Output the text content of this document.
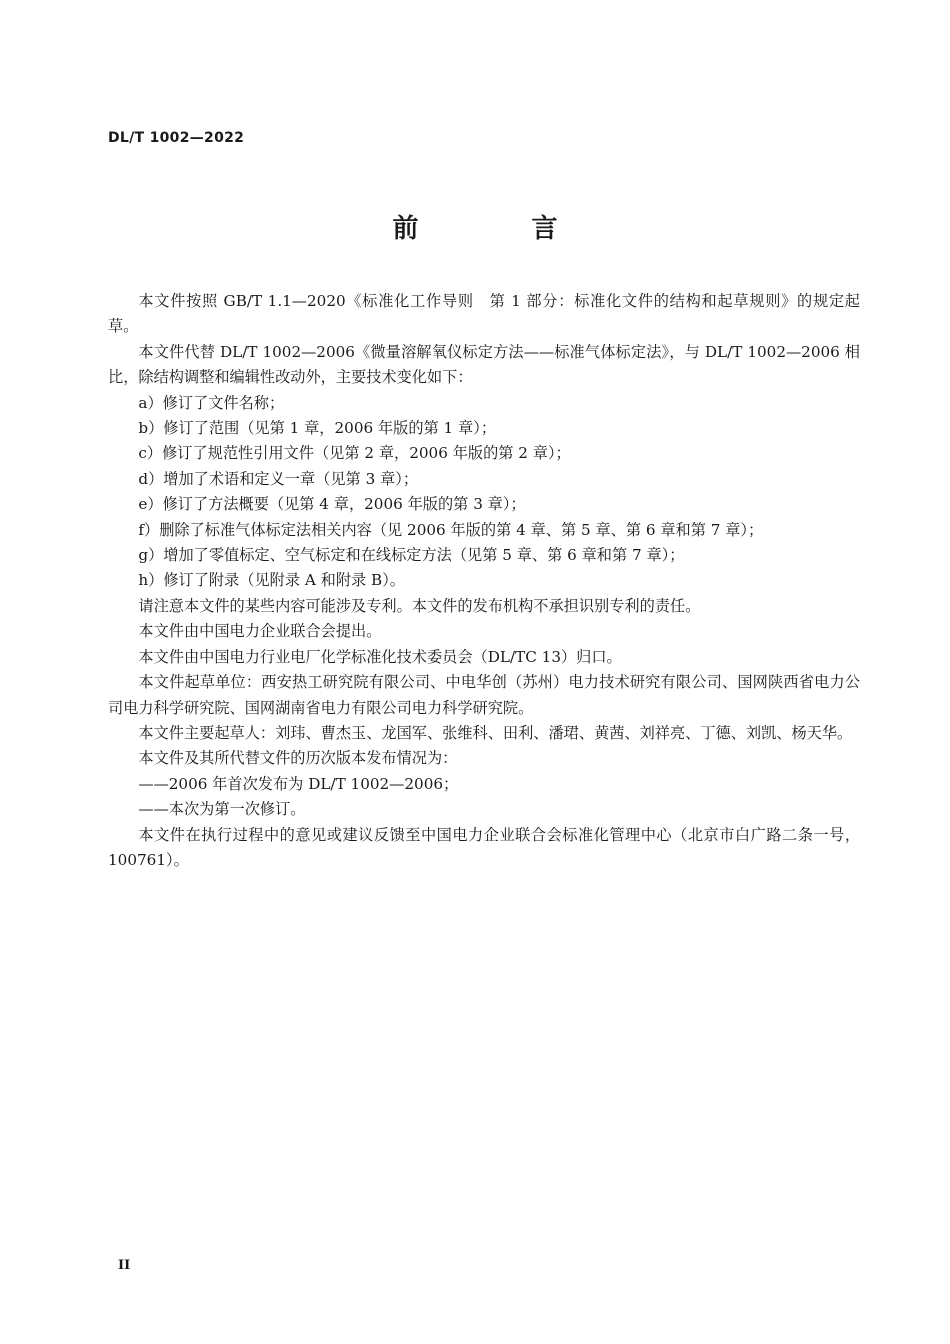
DL/T 1002—2022
前 言

本文件按照 GB/T 1.1—2020《标准化工作导则　第 1 部分：标准化文件的结构和起草规则》的规定起草。

本文件代替 DL/T 1002—2006《微量溶解氧仪标定方法——标准气体标定法》，与 DL/T 1002—2006 相比，除结构调整和编辑性改动外，主要技术变化如下：

a）修订了文件名称；

b）修订了范围（见第 1 章，2006 年版的第 1 章）；

c）修订了规范性引用文件（见第 2 章，2006 年版的第 2 章）；

d）增加了术语和定义一章（见第 3 章）；

e）修订了方法概要（见第 4 章，2006 年版的第 3 章）；

f）删除了标准气体标定法相关内容（见 2006 年版的第 4 章、第 5 章、第 6 章和第 7 章）；

g）增加了零值标定、空气标定和在线标定方法（见第 5 章、第 6 章和第 7 章）；

h）修订了附录（见附录 A 和附录 B）。

请注意本文件的某些内容可能涉及专利。本文件的发布机构不承担识别专利的责任。

本文件由中国电力企业联合会提出。

本文件由中国电力行业电厂化学标准化技术委员会（DL/TC 13）归口。

本文件起草单位：西安热工研究院有限公司、中电华创（苏州）电力技术研究有限公司、国网陕西省电力公司电力科学研究院、国网湖南省电力有限公司电力科学研究院。

本文件主要起草人：刘玮、曹杰玉、龙国军、张维科、田利、潘珺、黄茜、刘祥亮、丁德、刘凯、杨天华。

本文件及其所代替文件的历次版本发布情况为：

——2006 年首次发布为 DL/T 1002—2006；

——本次为第一次修订。

本文件在执行过程中的意见或建议反馈至中国电力企业联合会标准化管理中心（北京市白广路二条一号，100761）。

II
